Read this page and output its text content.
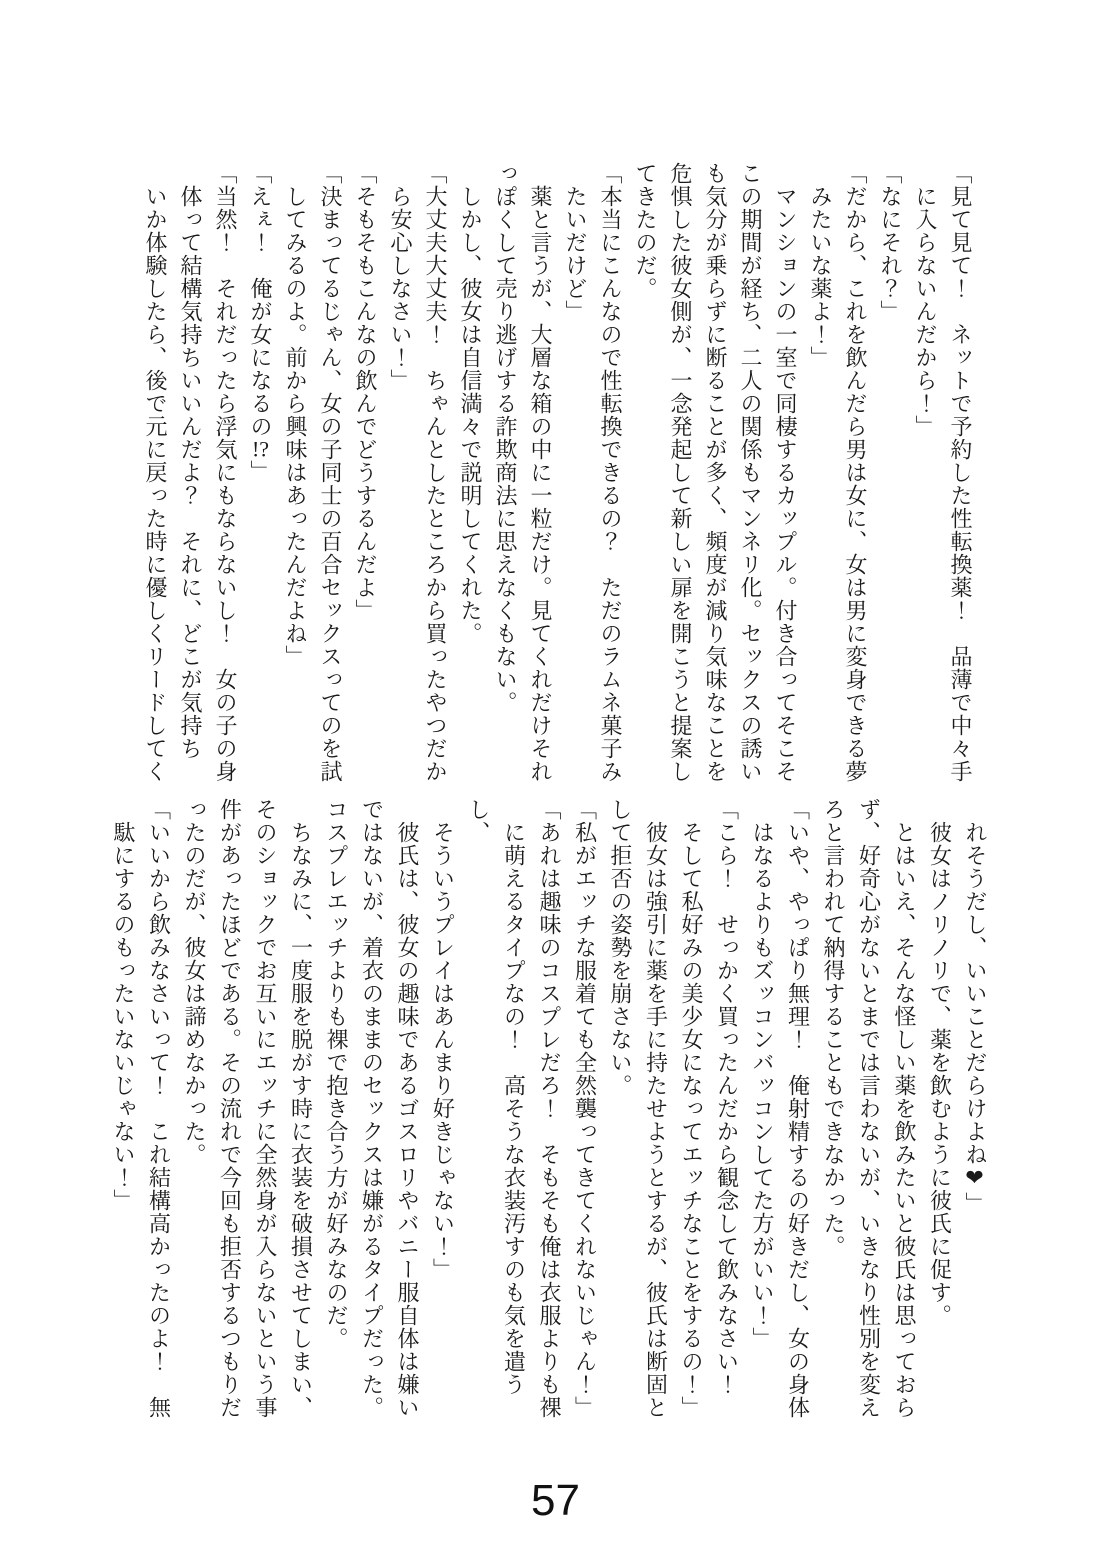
「見て見て！　ネットで予約した性転換薬！　品薄で中々手

　に入らないんだから！」

「なにそれ？」

「だから、これを飲んだら男は女に、女は男に変身できる夢

　みたいな薬よ！」

　マンションの一室で同棲するカップル。付き合ってそこそ

この期間が経ち、二人の関係もマンネリ化。セックスの誘い

も気分が乗らずに断ることが多く、頻度が減り気味なことを

危惧した彼女側が、一念発起して新しい扉を開こうと提案し

てきたのだ。

「本当にこんなので性転換できるの？　ただのラムネ菓子み

　たいだけど」

　薬と言うが、大層な箱の中に一粒だけ。見てくれだけそれ

っぽくして売り逃げする詐欺商法に思えなくもない。

　しかし、彼女は自信満々で説明してくれた。

「大丈夫大丈夫！　ちゃんとしたところから買ったやつだか

　ら安心しなさい！」

「そもそもこんなの飲んでどうするんだよ」

「決まってるじゃん、女の子同士の百合セックスってのを試

　してみるのよ。前から興味はあったんだよね」

「えぇ！　俺が女になるの!?」

「当然！　それだったら浮気にもならないし！　女の子の身

　体って結構気持ちいいんだよ？　それに、どこが気持ち

　いか体験したら、後で元に戻った時に優しくリードしてく

　れそうだし、いいことだらけよね❤」

　彼女はノリノリで、薬を飲むように彼氏に促す。

　とはいえ、そんな怪しい薬を飲みたいと彼氏は思っておら

ず、好奇心がないとまでは言わないが、いきなり性別を変え

ろと言われて納得することもできなかった。

「いや、やっぱり無理！　俺射精するの好きだし、女の身体

　はなるよりもズッコンバッコンしてた方がいい！」

「こら！　せっかく買ったんだから観念して飲みなさい！

　そして私好みの美少女になってエッチなことをするの！」

　彼女は強引に薬を手に持たせようとするが、彼氏は断固と

して拒否の姿勢を崩さない。

「私がエッチな服着ても全然襲ってきてくれないじゃん！」

「あれは趣味のコスプレだろ！　そもそも俺は衣服よりも裸

　に萌えるタイプなの！　高そうな衣装汚すのも気を遣うし、

　そういうプレイはあんまり好きじゃない！」

　彼氏は、彼女の趣味であるゴスロリやバニー服自体は嫌い

ではないが、着衣のままのセックスは嫌がるタイプだった。

コスプレエッチよりも裸で抱き合う方が好みなのだ。

　ちなみに、一度服を脱がす時に衣装を破損させてしまい、

そのショックでお互いにエッチに全然身が入らないという事

件があったほどである。その流れで今回も拒否するつもりだ

ったのだが、彼女は諦めなかった。

「いいから飲みなさいって！　これ結構高かったのよ！　無

　駄にするのもったいないじゃない！」

57
